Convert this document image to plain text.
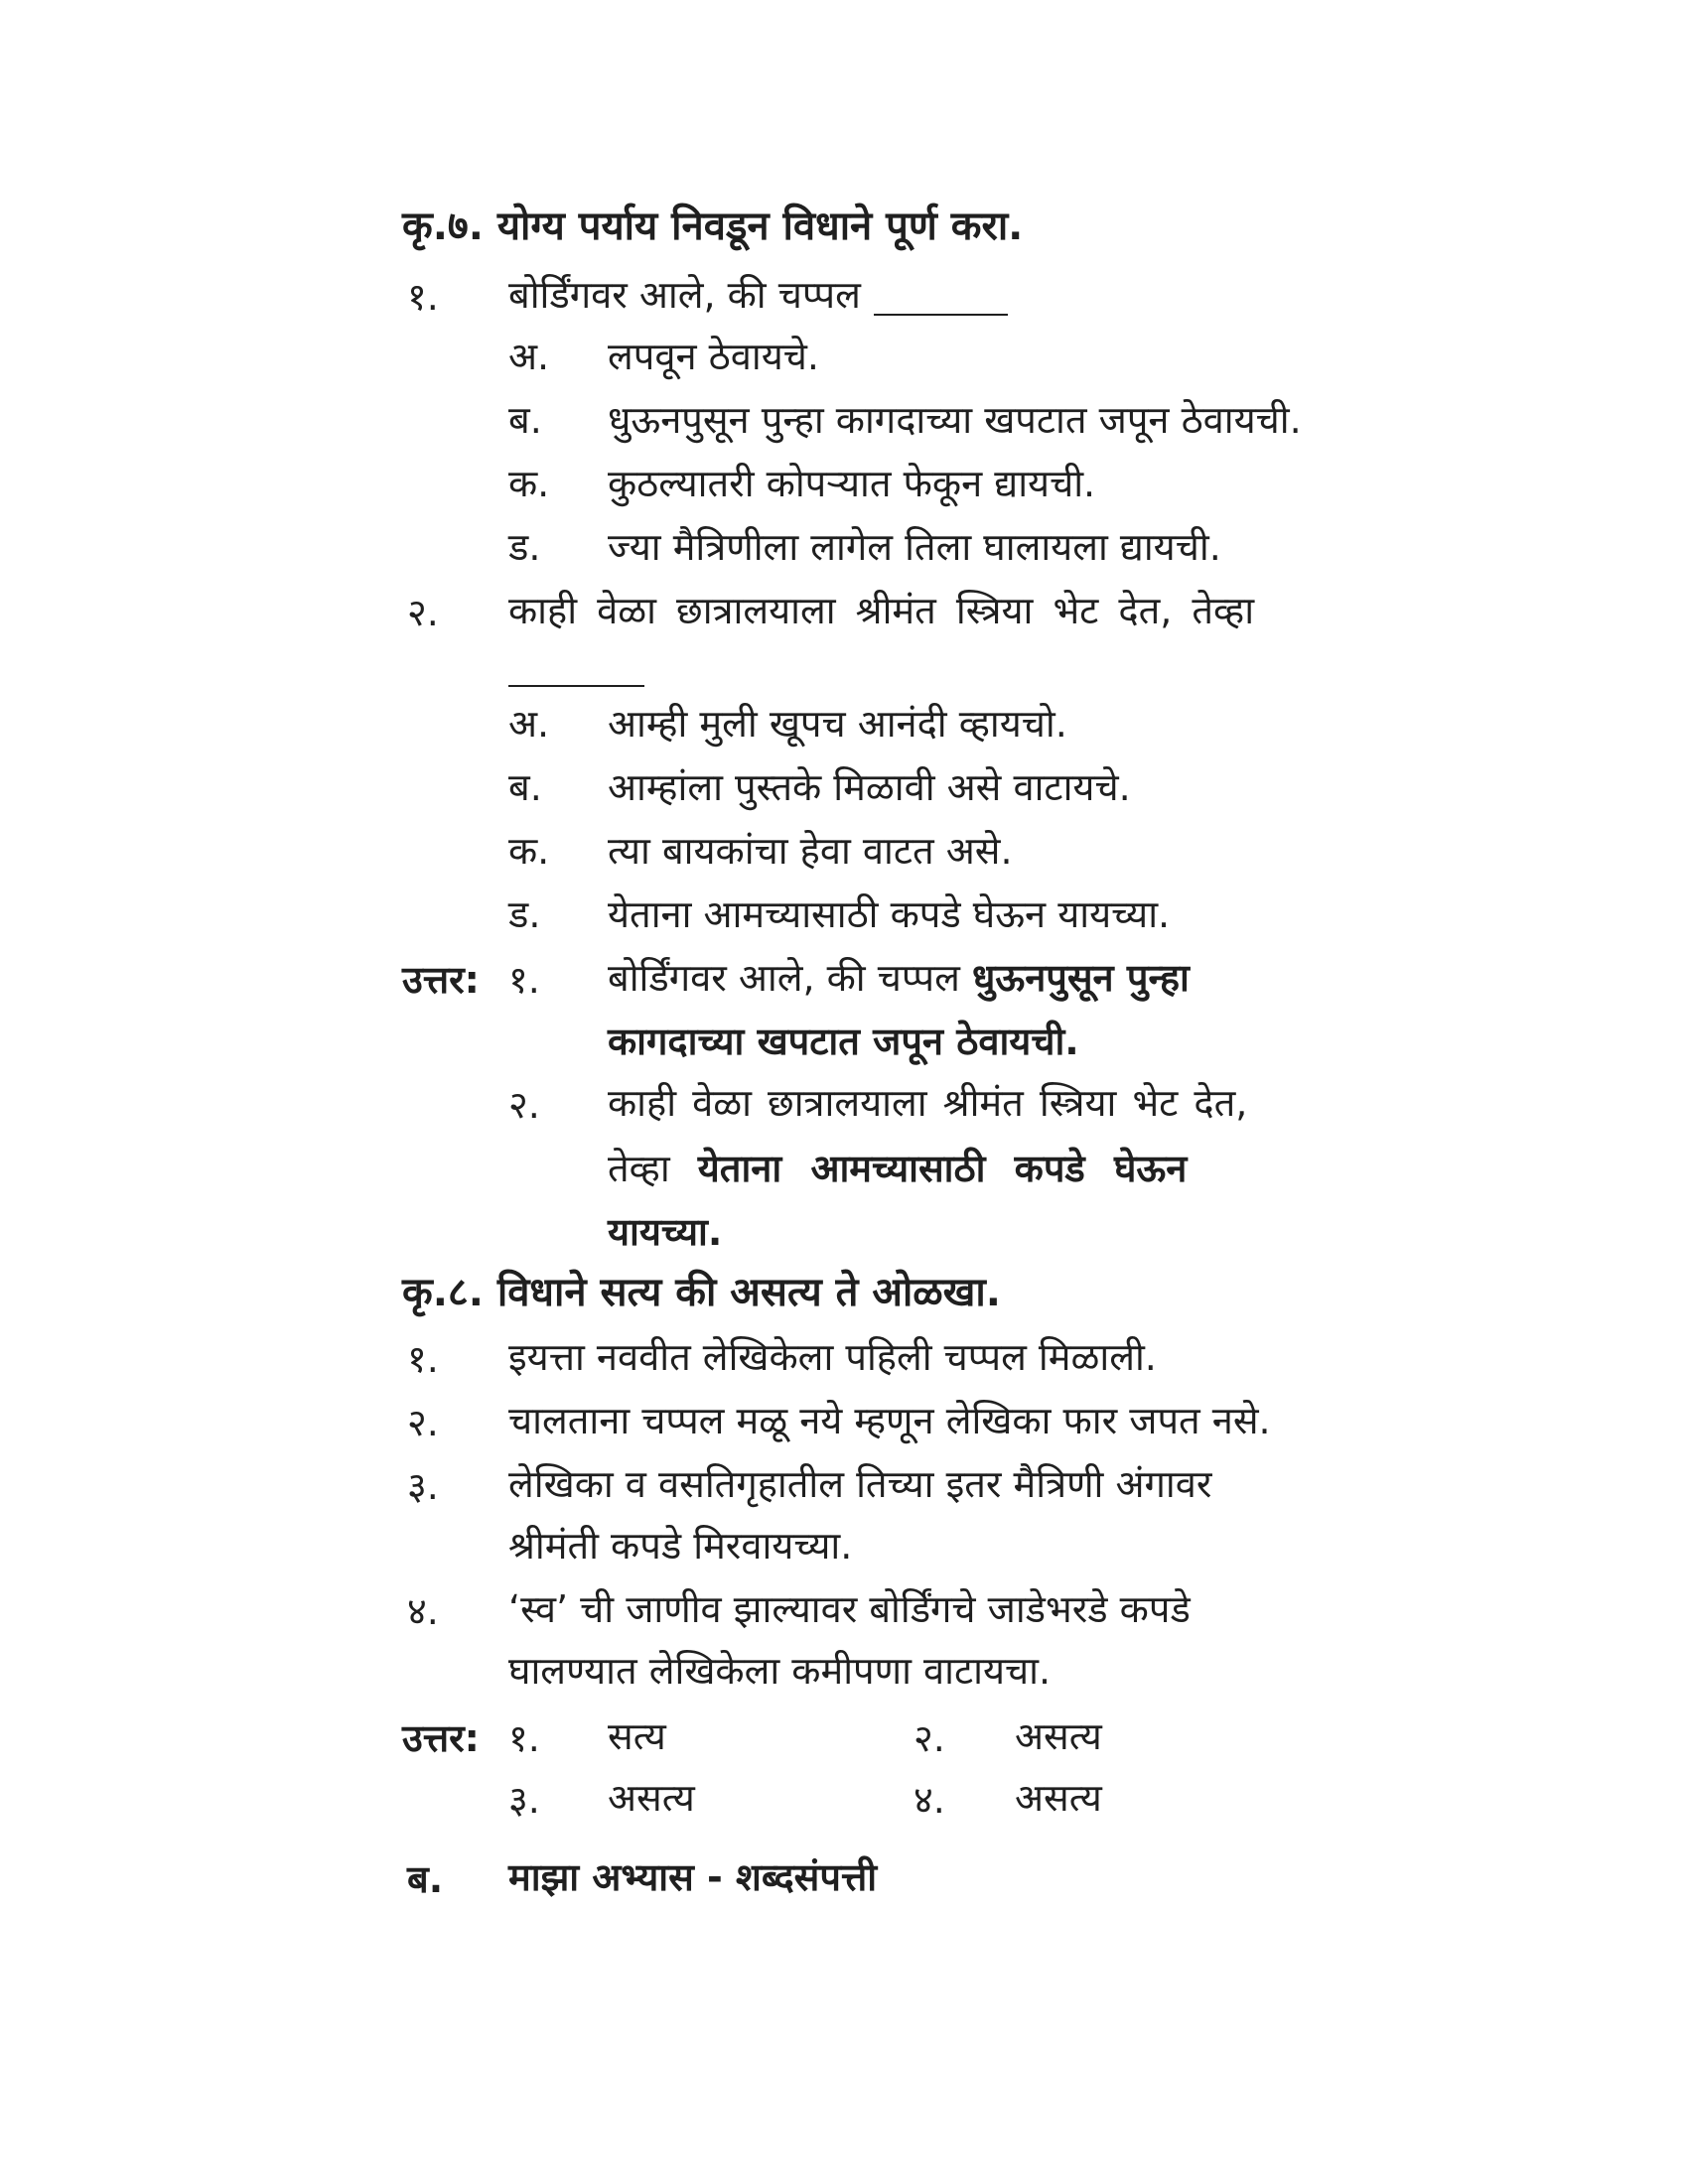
कृ.७. योग्य पर्याय निवडून विधाने पूर्ण करा.
१. बोर्डिंगवर आले, की चप्पल
अ. लपवून ठेवायचे.
ब. धुऊनपुसून पुन्हा कागदाच्या खपटात जपून ठेवायची.
क. कुठल्यातरी कोपऱ्यात फेकून द्यायची.
ड. ज्या मैत्रिणीला लागेल तिला घालायला द्यायची.
२. काही वेळा छात्रालयाला श्रीमंत स्त्रिया भेट देत, तेव्हा
अ. आम्ही मुली खूपच आनंदी व्हायचो.
ब. आम्हांला पुस्तके मिळावी असे वाटायचे.
क. त्या बायकांचा हेवा वाटत असे.
ड. येताना आमच्यासाठी कपडे घेऊन यायच्या.
उत्तर: १. बोर्डिंगवर आले, की चप्पल धुऊनपुसून पुन्हा
कागदाच्या खपटात जपून ठेवायची.
२. काही वेळा छात्रालयाला श्रीमंत स्त्रिया भेट देत,
तेव्हा येताना आमच्यासाठी कपडे घेऊन
यायच्या.
कृ.८. विधाने सत्य की असत्य ते ओळखा.
१. इयत्ता नववीत लेखिकेला पहिली चप्पल मिळाली.
२. चालताना चप्पल मळू नये म्हणून लेखिका फार जपत नसे.
३. लेखिका व वसतिगृहातील तिच्या इतर मैत्रिणी अंगावर
श्रीमंती कपडे मिरवायच्या.
४. ‘स्व’ ची जाणीव झाल्यावर बोर्डिंगचे जाडेभरडे कपडे
घालण्यात लेखिकेला कमीपणा वाटायचा.
उत्तर: १. सत्य	२. असत्य
३. असत्य	४. असत्य
ब. माझा अभ्यास - शब्दसंपत्ती
